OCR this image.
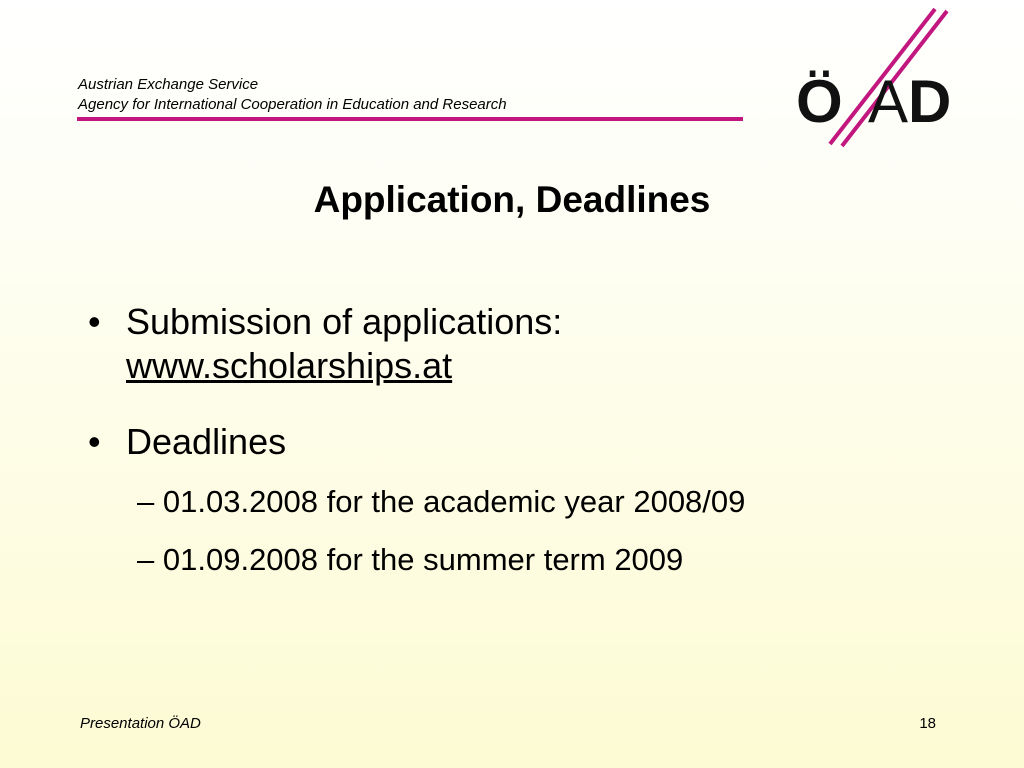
Austrian Exchange Service
Agency for International Cooperation in Education and Research	Ö A D
Application, Deadlines
• Submission of applications:
www.scholarships.at
• Deadlines
– 01.03.2008 for the academic year 2008/09
– 01.09.2008 for the summer term 2009
Presentation ÖAD	18
